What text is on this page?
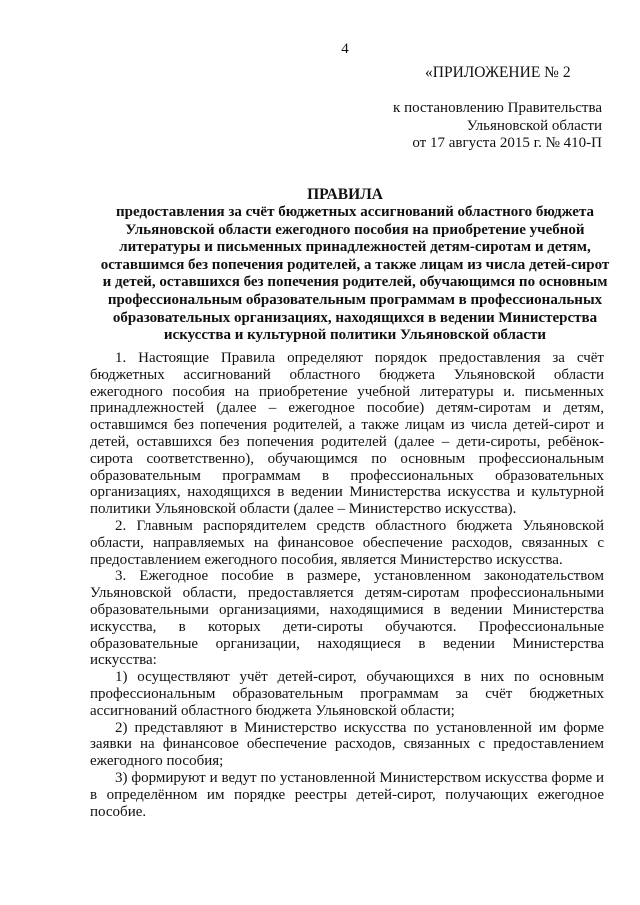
4
«ПРИЛОЖЕНИЕ № 2
к постановлению Правительства
Ульяновской области
от 17 августа 2015 г. № 410-П
ПРАВИЛА
предоставления за счёт бюджетных ассигнований областного бюджета
Ульяновской области ежегодного пособия на приобретение учебной
литературы и письменных принадлежностей детям-сиротам и детям,
оставшимся без попечения родителей, а также лицам из числа детей-сирот
и детей, оставшихся без попечения родителей, обучающимся по основным
профессиональным образовательным программам в профессиональных
образовательных организациях, находящихся в ведении Министерства
искусства и культурной политики Ульяновской области

1. Настоящие Правила определяют порядок предоставления за счёт бюджетных ассигнований областного бюджета Ульяновской области ежегодного пособия на приобретение учебной литературы и. письменных принадлежностей (далее – ежегодное пособие) детям-сиротам и детям, оставшимся без попечения родителей, а также лицам из числа детей-сирот и детей, оставшихся без попечения родителей (далее – дети-сироты, ребёнок-сирота соответственно), обучающимся по основным профессиональным образовательным программам в профессиональных образовательных организациях, находящихся в ведении Министерства искусства и культурной политики Ульяновской области (далее – Министерство искусства).

2. Главным распорядителем средств областного бюджета Ульяновской области, направляемых на финансовое обеспечение расходов, связанных с предоставлением ежегодного пособия, является Министерство искусства.

3. Ежегодное пособие в размере, установленном законодательством Ульяновской области, предоставляется детям-сиротам профессиональными образовательными организациями, находящимися в ведении Министерства искусства, в которых дети-сироты обучаются. Профессиональные образовательные организации, находящиеся в ведении Министерства искусства:

1) осуществляют учёт детей-сирот, обучающихся в них по основным профессиональным образовательным программам за счёт бюджетных ассигнований областного бюджета Ульяновской области;

2) представляют в Министерство искусства по установленной им форме заявки на финансовое обеспечение расходов, связанных с предоставлением ежегодного пособия;

3) формируют и ведут по установленной Министерством искусства форме и в определённом им порядке реестры детей-сирот, получающих ежегодное пособие.
